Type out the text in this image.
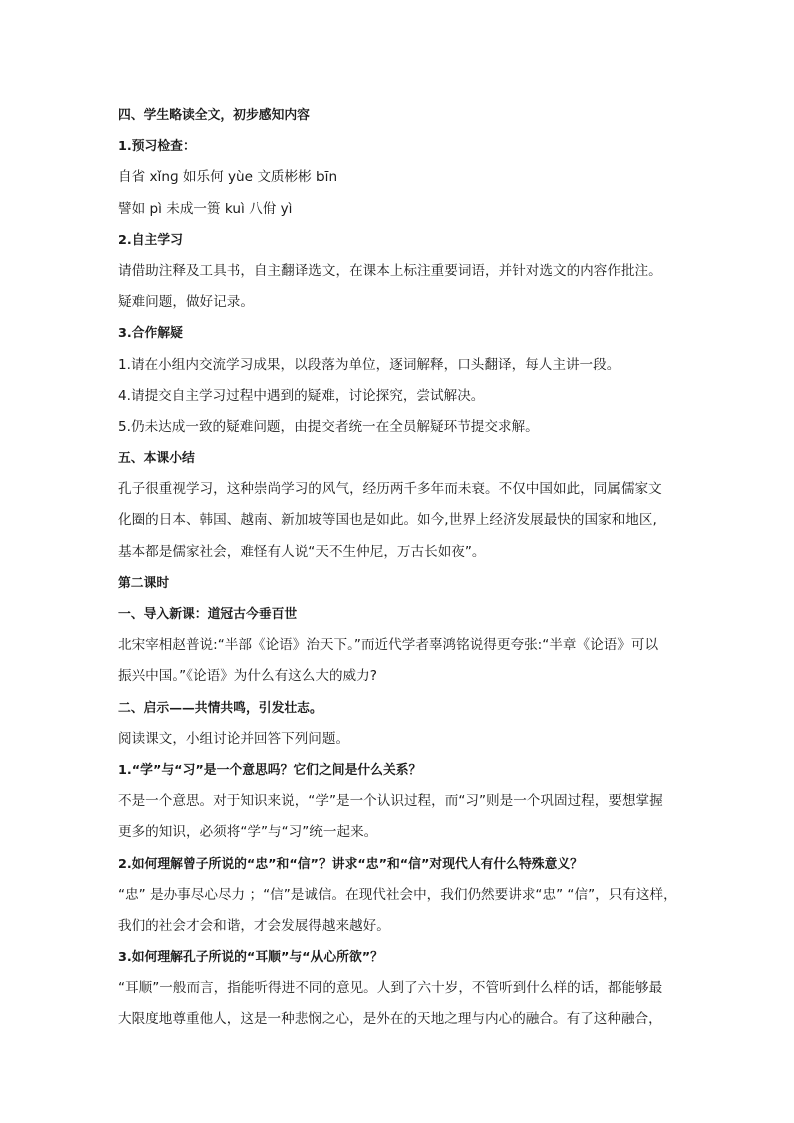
四、学生略读全文，初步感知内容
1.预习检查：
自省 xǐnɡ 如乐何 yùe 文质彬彬 bīn
譬如 pì 未成一篑 kuì 八佾 yì
2.自主学习
请借助注释及工具书，自主翻译选文，在课本上标注重要词语，并针对选文的内容作批注。
疑难问题，做好记录。
3.合作解疑
1.请在小组内交流学习成果，以段落为单位，逐词解释，口头翻译，每人主讲一段。
4.请提交自主学习过程中遇到的疑难，讨论探究，尝试解决。
5.仍未达成一致的疑难问题，由提交者统一在全员解疑环节提交求解。
五、本课小结
孔子很重视学习，这种崇尚学习的风气，经历两千多年而未衰。不仅中国如此，同属儒家文
化圈的日本、韩国、越南、新加坡等国也是如此。如今,世界上经济发展最快的国家和地区,
基本都是儒家社会，难怪有人说“天不生仲尼，万古长如夜”。
第二课时
一、导入新课：道冠古今垂百世
北宋宰相赵普说:“半部《论语》治天下。”而近代学者辜鸿铭说得更夸张:“半章《论语》可以
振兴中国。”《论语》为什么有这么大的威力?
二、启示——共情共鸣，引发壮志。
阅读课文，小组讨论并回答下列问题。
1.“学”与“习”是一个意思吗？它们之间是什么关系？
不是一个意思。对于知识来说，“学”是一个认识过程，而“习”则是一个巩固过程，要想掌握
更多的知识，必须将“学”与“习”统一起来。
2.如何理解曾子所说的“忠”和“信”？讲求“忠”和“信”对现代人有什么特殊意义？
“忠” 是办事尽心尽力 ；“信”是诚信。在现代社会中，我们仍然要讲求“忠” “信”，只有这样，
我们的社会才会和谐，才会发展得越来越好。
3.如何理解孔子所说的“耳顺”与“从心所欲”？
“耳顺”一般而言，指能听得进不同的意见。人到了六十岁，不管听到什么样的话，都能够最
大限度地尊重他人，这是一种悲悯之心，是外在的天地之理与内心的融合。有了这种融合，
